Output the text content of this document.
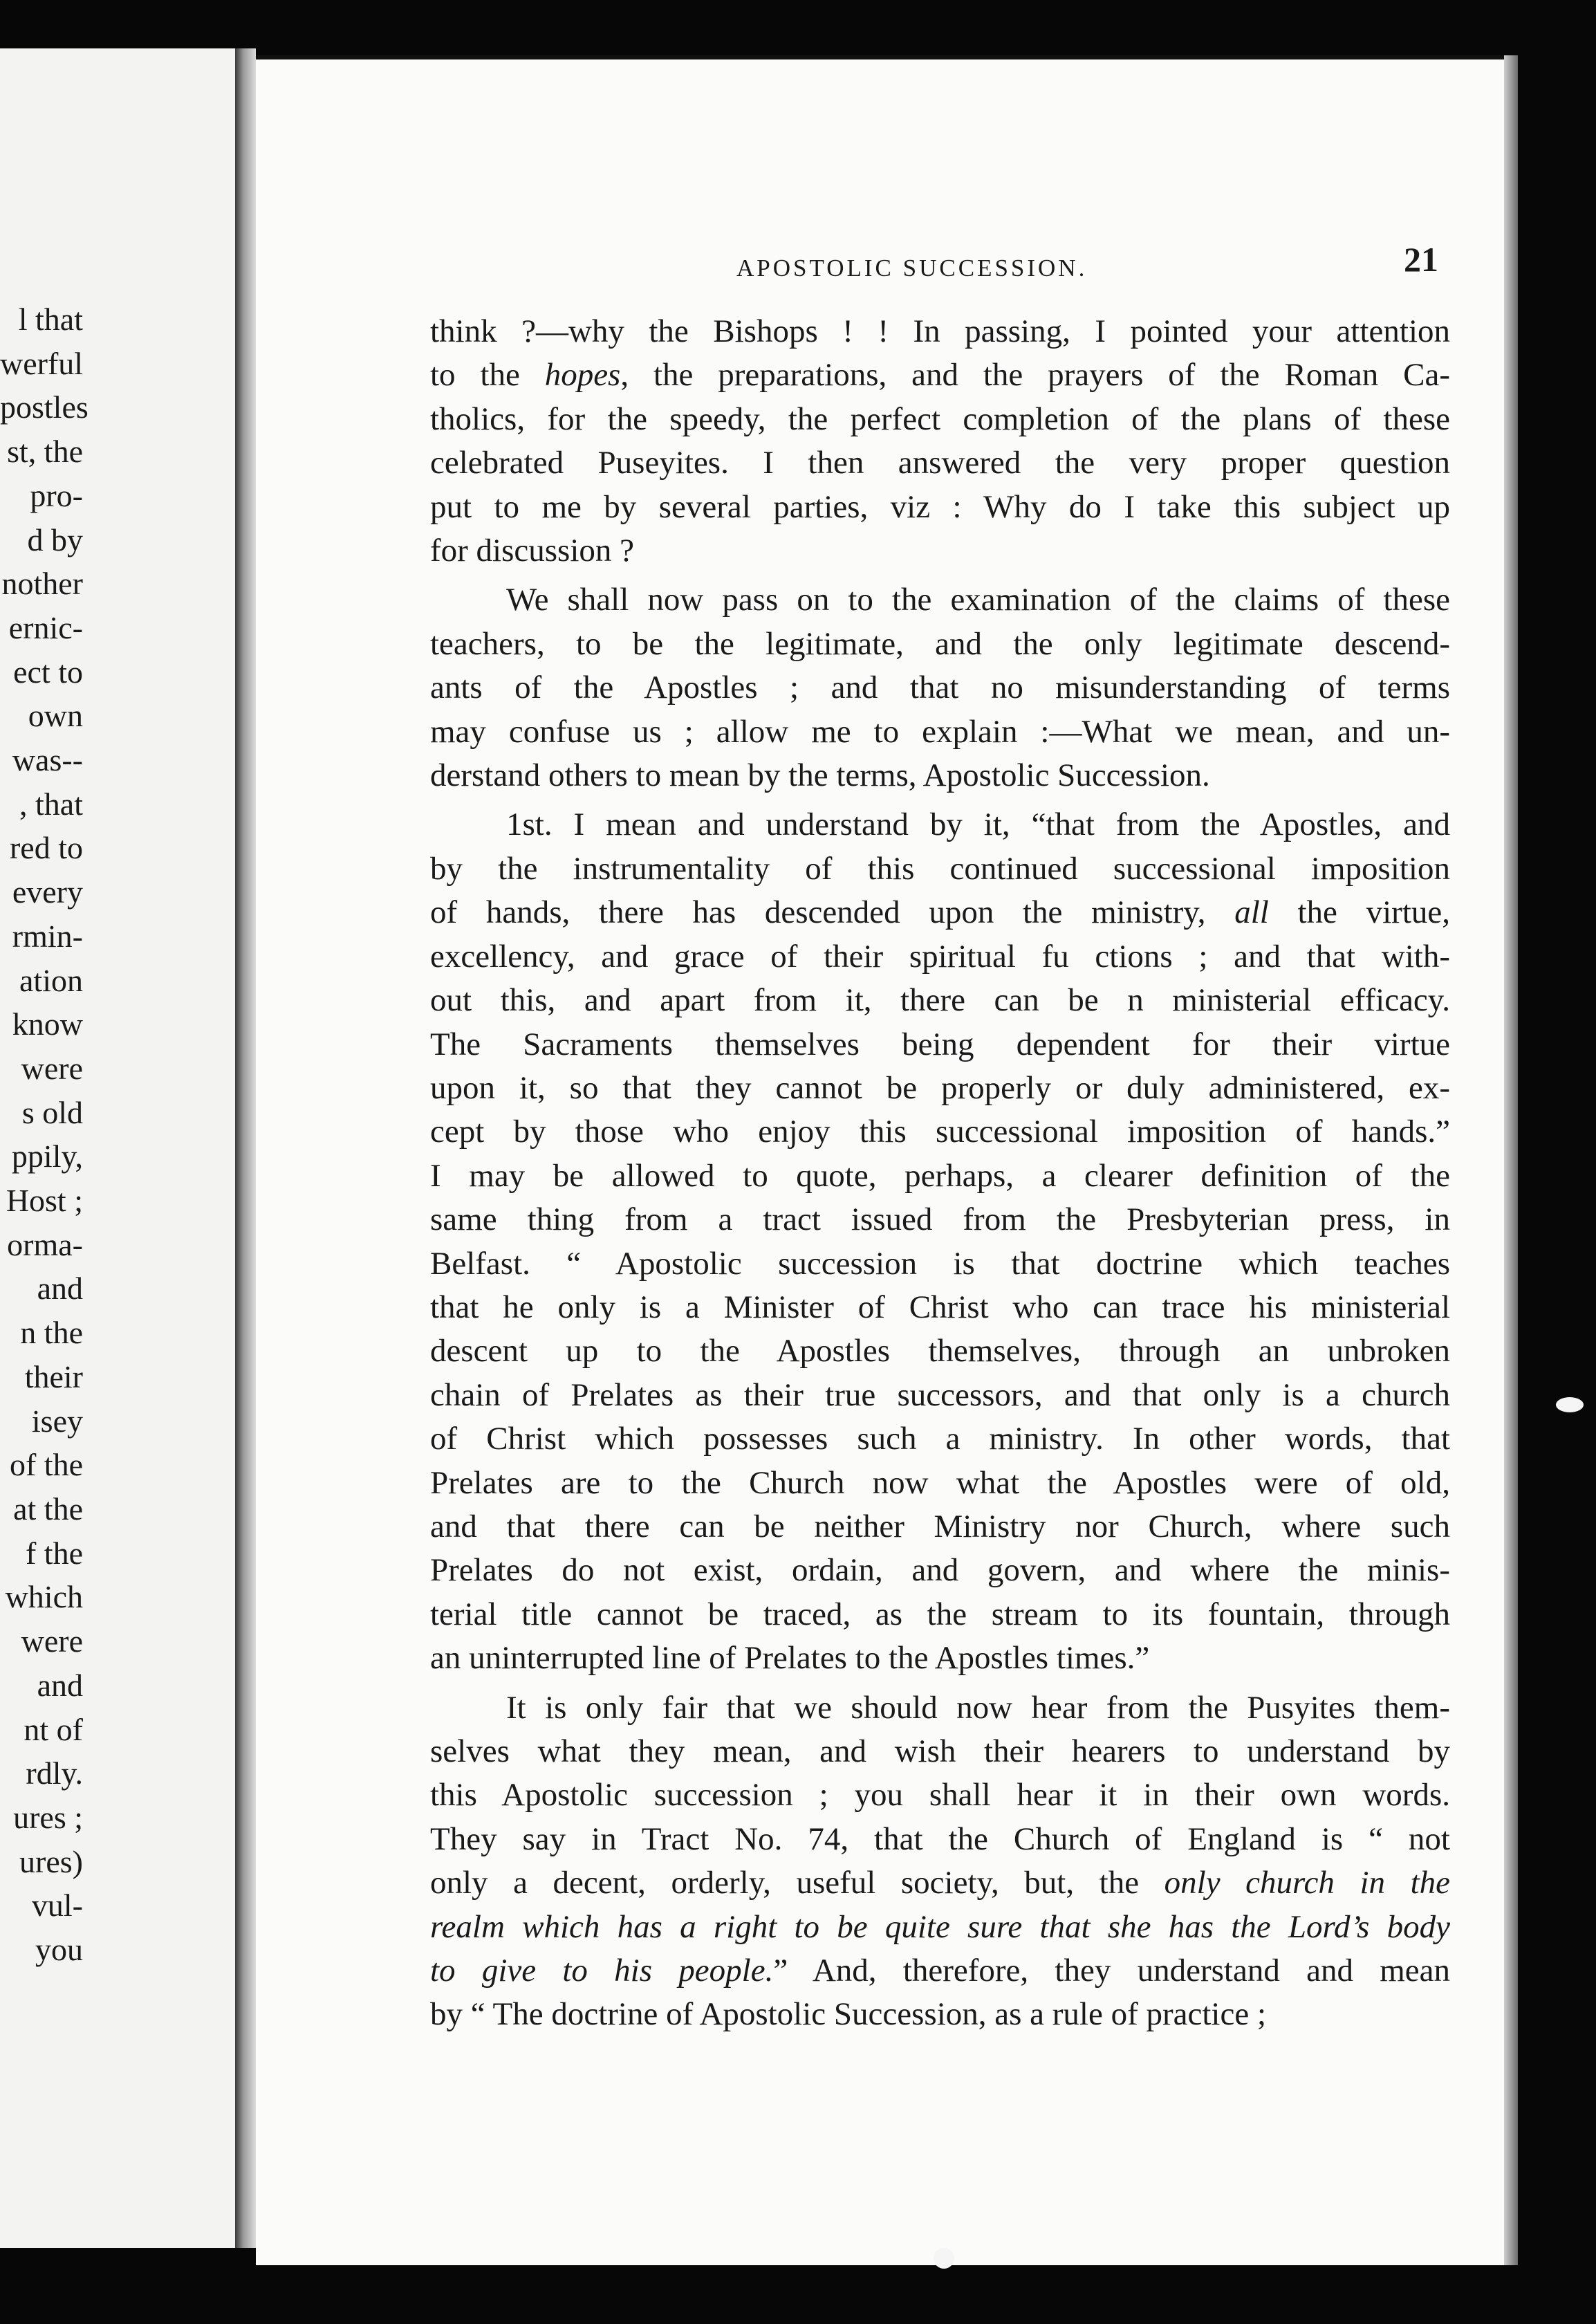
l that
werful
postles
st, the
pro-
d by
nother
ernic-
ect to
own
was--
, that
red to
every
rmin-
ation
know
were
s old
ppily,
Host ;
orma-
and
n the
their
isey
of the
at the
f the
which
were
and
nt of
rdly.
ures ;
ures)
vul-
you
APOSTOLIC SUCCESSION.	21

think ?—why the Bishops ! ! In passing, I pointed your attention
to the hopes, the preparations, and the prayers of the Roman Ca-
tholics, for the speedy, the perfect completion of the plans of these
celebrated Puseyites. I then answered the very proper question
put to me by several parties, viz : Why do I take this subject up
for discussion ?

We shall now pass on to the examination of the claims of these
teachers, to be the legitimate, and the only legitimate descend-
ants of the Apostles ; and that no misunderstanding of terms
may confuse us ; allow me to explain :—What we mean, and un-
derstand others to mean by the terms, Apostolic Succession.

1st. I mean and understand by it, “that from the Apostles, and
by the instrumentality of this continued successional imposition
of hands, there has descended upon the ministry, all the virtue,
excellency, and grace of their spiritual fu ctions ; and that with-
out this, and apart from it, there can be n ministerial efficacy.
The Sacraments themselves being dependent for their virtue
upon it, so that they cannot be properly or duly administered, ex-
cept by those who enjoy this successional imposition of hands.”
I may be allowed to quote, perhaps, a clearer definition of the
same thing from a tract issued from the Presbyterian press, in
Belfast. “ Apostolic succession is that doctrine which teaches
that he only is a Minister of Christ who can trace his ministerial
descent up to the Apostles themselves, through an unbroken
chain of Prelates as their true successors, and that only is a church
of Christ which possesses such a ministry. In other words, that
Prelates are to the Church now what the Apostles were of old,
and that there can be neither Ministry nor Church, where such
Prelates do not exist, ordain, and govern, and where the minis-
terial title cannot be traced, as the stream to its fountain, through
an uninterrupted line of Prelates to the Apostles times.”

It is only fair that we should now hear from the Pusyites them-
selves what they mean, and wish their hearers to understand by
this Apostolic succession ; you shall hear it in their own words.
They say in Tract No. 74, that the Church of England is “ not
only a decent, orderly, useful society, but, the only church in the
realm which has a right to be quite sure that she has the Lord’s body
to give to his people.” And, therefore, they understand and mean
by “ The doctrine of Apostolic Succession, as a rule of practice ;
